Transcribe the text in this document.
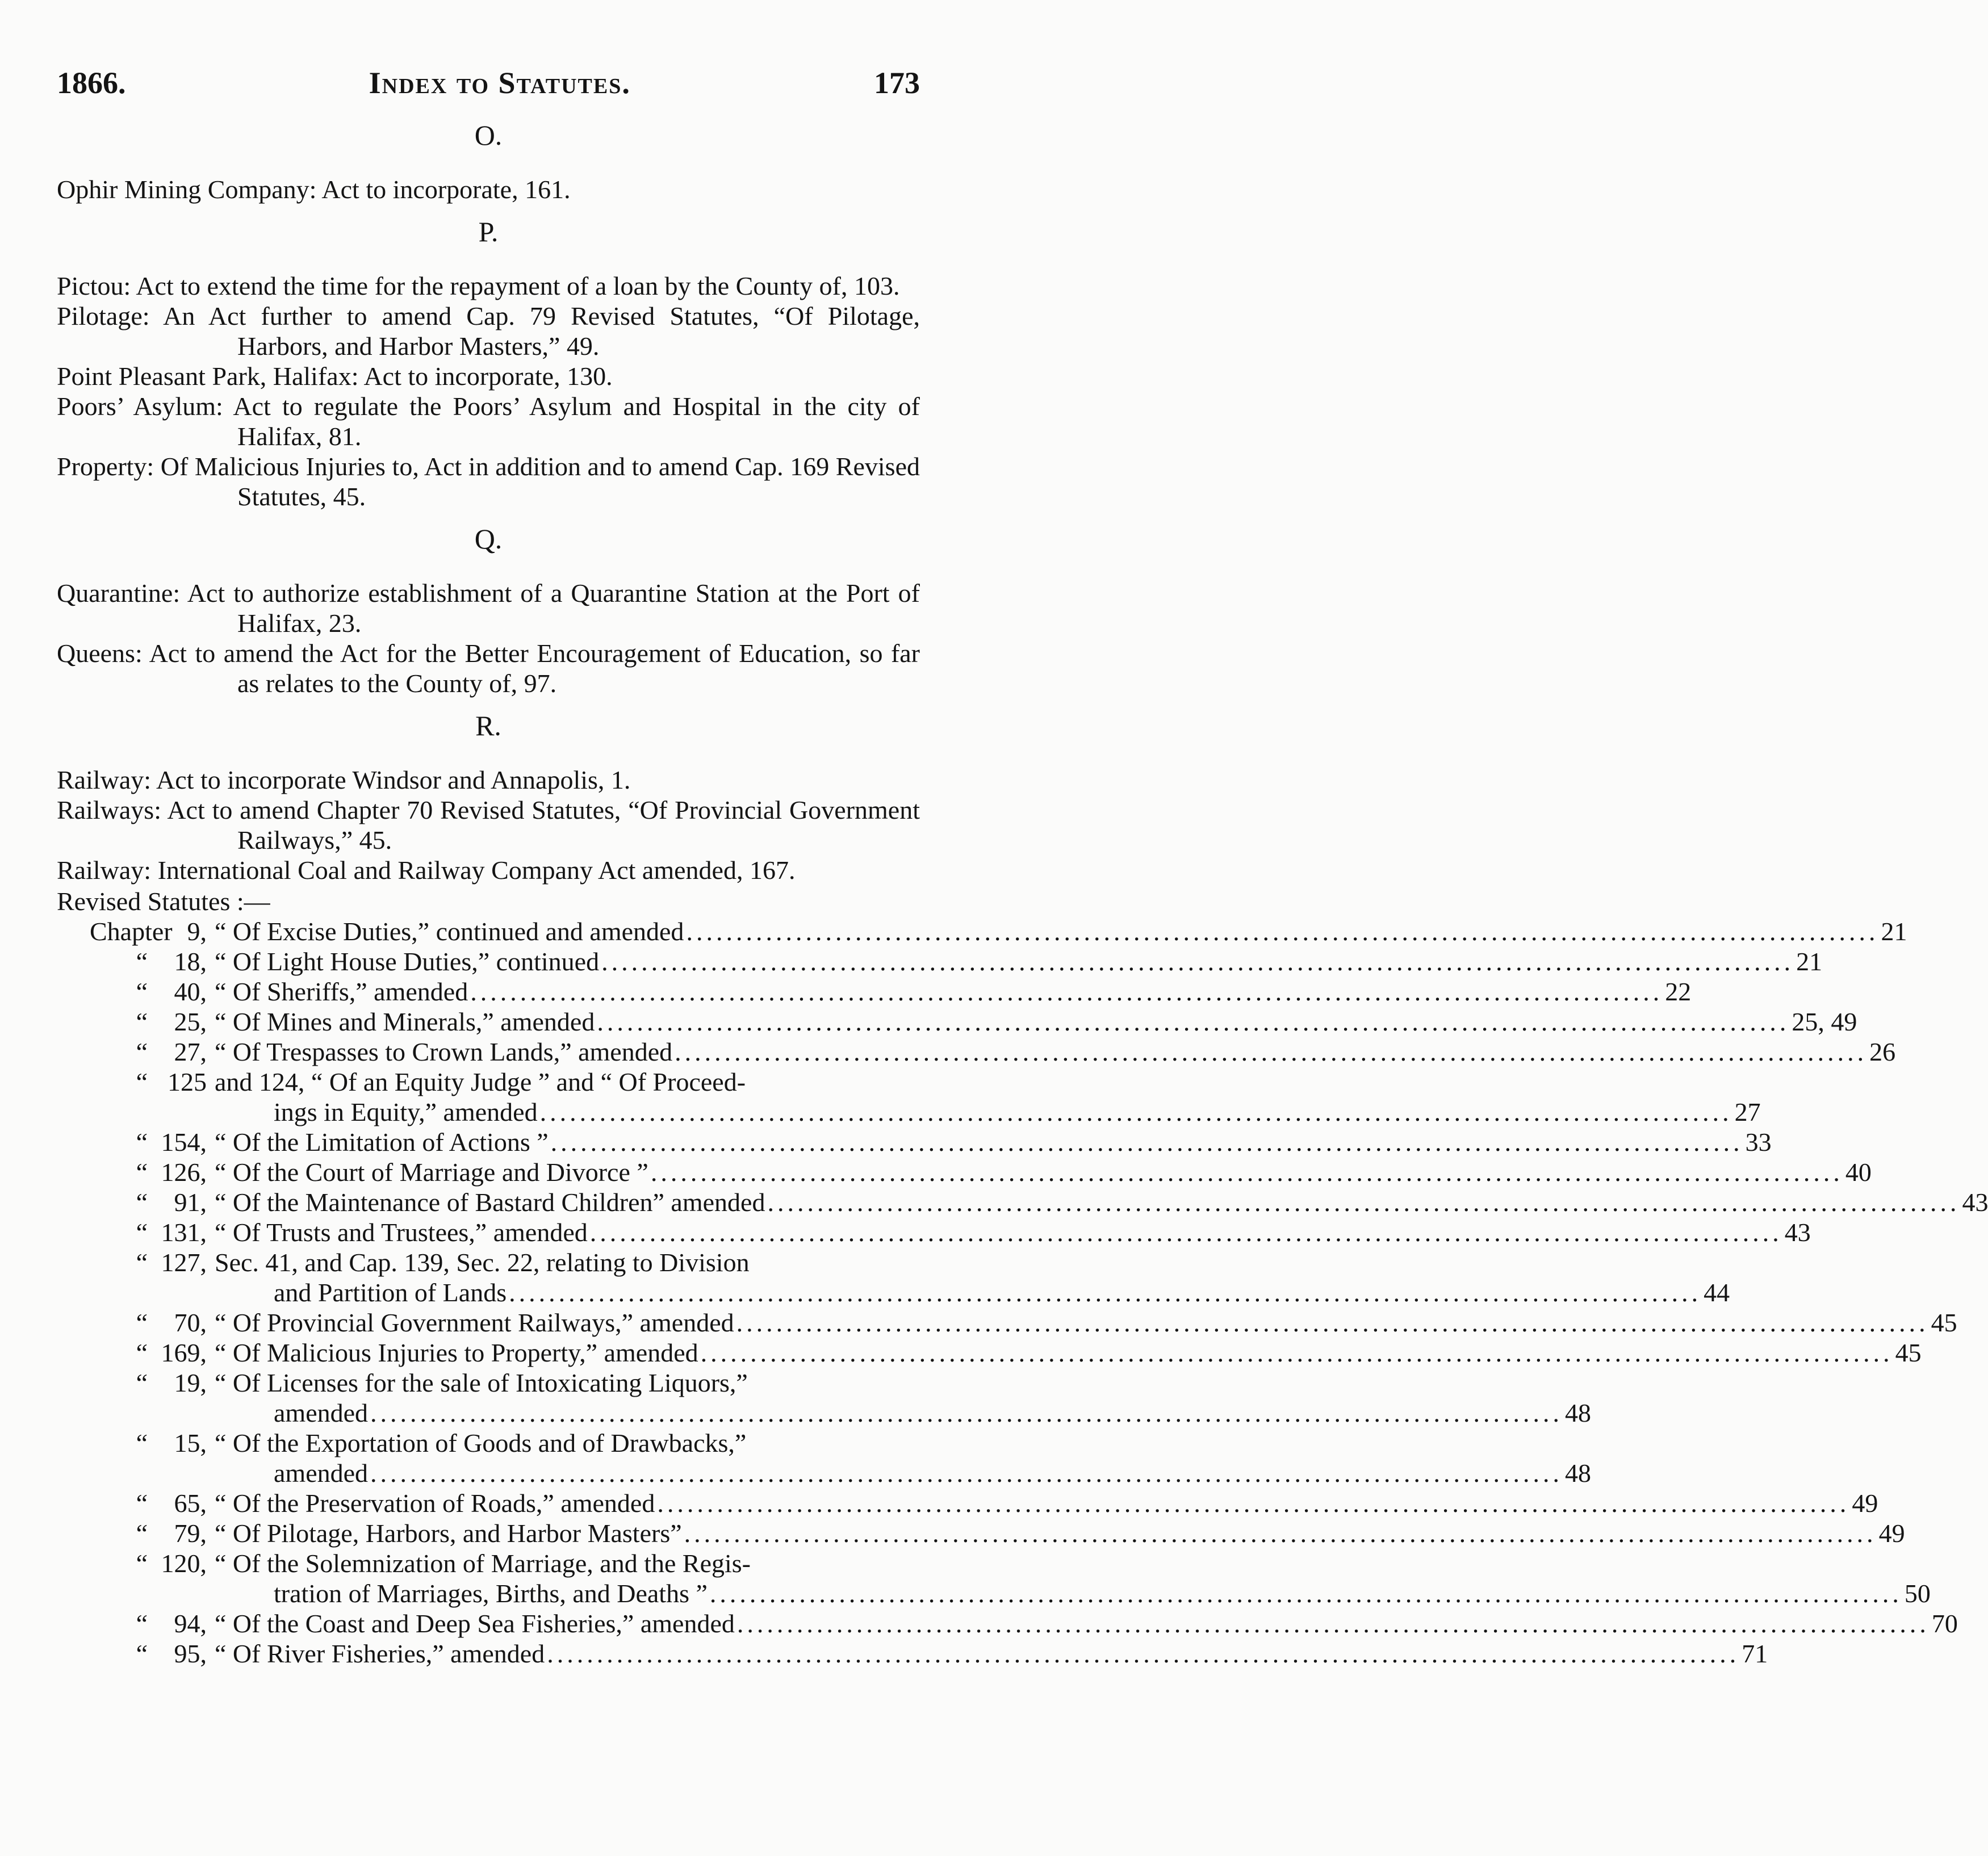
1866.	Index to Statutes.	173
O.

Ophir Mining Company: Act to incorporate, 161.

P.

Pictou: Act to extend the time for the repayment of a loan by the County of, 103.

Pilotage: An Act further to amend Cap. 79 Revised Statutes, “Of Pilotage, Harbors, and Harbor Masters,” 49.

Point Pleasant Park, Halifax: Act to incorporate, 130.

Poors’ Asylum: Act to regulate the Poors’ Asylum and Hospital in the city of Halifax, 81.

Property: Of Malicious Injuries to, Act in addition and to amend Cap. 169 Revised Statutes, 45.

Q.

Quarantine: Act to authorize establishment of a Quarantine Station at the Port of Halifax, 23.

Queens: Act to amend the Act for the Better Encouragement of Education, so far as relates to the County of, 97.

R.

Railway: Act to incorporate Windsor and Annapolis, 1.

Railways: Act to amend Chapter 70 Revised Statutes, “Of Provincial Government Railways,” 45.

Railway: International Coal and Railway Company Act amended, 167.

Revised Statutes :—

Chapter 9, “ Of Excise Duties,” continued and amended ........................................................................................................................ 21
“	18, “ Of Light House Duties,” continued ........................................................................................................................ 21
“	40, “ Of Sheriffs,” amended ........................................................................................................................ 22
“	25, “ Of Mines and Minerals,” amended ........................................................................................................................ 25, 49
“	27, “ Of Trespasses to Crown Lands,” amended ........................................................................................................................ 26
“ 125 and 124, “ Of an Equity Judge ” and “ Of Proceed-
ings in Equity,” amended ........................................................................................................................ 27
“ 154, “ Of the Limitation of Actions ” ........................................................................................................................ 33
“ 126, “ Of the Court of Marriage and Divorce ” ........................................................................................................................ 40
“	91, “ Of the Maintenance of Bastard Children” amended ........................................................................................................................ 43
“ 131, “ Of Trusts and Trustees,” amended ........................................................................................................................ 43
“ 127, Sec. 41, and Cap. 139, Sec. 22, relating to Division
and Partition of Lands ........................................................................................................................ 44
“	70, “ Of Provincial Government Railways,” amended ........................................................................................................................ 45
“ 169, “ Of Malicious Injuries to Property,” amended ........................................................................................................................ 45
“	19, “ Of Licenses for the sale of Intoxicating Liquors,”
amended ........................................................................................................................ 48
“	15, “ Of the Exportation of Goods and of Drawbacks,”
amended ........................................................................................................................ 48
“	65, “ Of the Preservation of Roads,” amended ........................................................................................................................ 49
“	79, “ Of Pilotage, Harbors, and Harbor Masters” ........................................................................................................................ 49
“ 120, “ Of the Solemnization of Marriage, and the Regis-
tration of Marriages, Births, and Deaths ” ........................................................................................................................ 50
“	94, “ Of the Coast and Deep Sea Fisheries,” amended ........................................................................................................................ 70
“	95, “ Of River Fisheries,” amended ........................................................................................................................ 71
